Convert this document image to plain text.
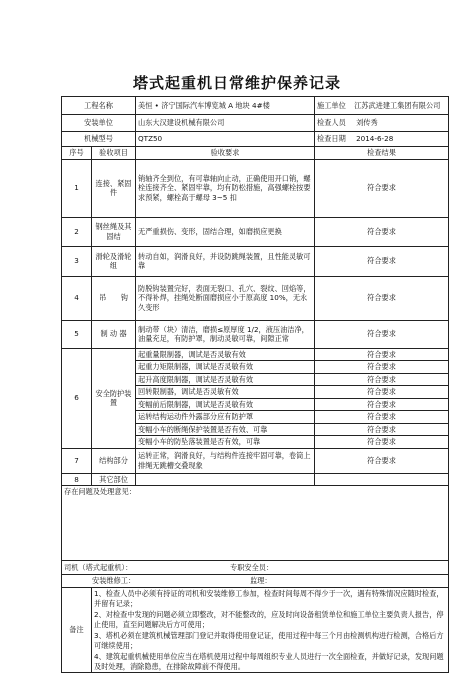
塔式起重机日常维护保养记录
工程名称		美恒 • 济宁国际汽车博览城 A 地块 4#楼	施工单位 江苏武进建工集团有限公司
安装单位		山东大汉建设机械有限公司	检查人员 刘传秀
机械型号		QTZ50	检查日期 2014-6-28
序号	验收项目	验收要求	检查结果
1	连接、紧固件	销轴齐全到位，有可靠轴向止动，正确使用开口销，螺栓连接齐全、紧固牢靠，均有防松措施，高强螺栓按要求预紧，螺栓高于螺母 3~5 扣	符合要求
2	钢丝绳及其固结	无严重损伤、变形，固结合理，如磨损应更换	符合要求
3	滑轮及滑轮组	转动自如，润滑良好，并设防跳绳装置，且性能灵敏可靠	符合要求
4	吊　　钩	防脱钩装置完好，表面无裂口、孔穴、裂纹、回焰等，不得补焊，挂绳处断面磨损应小于原高度 10%，无永久变形	符合要求
5	制 动 器	制动带（块）清洁，磨损≤原厚度 1/2，液压油洁净，油量充足，有防护罩，制动灵敏可靠，间隙正常	符合要求
6	安全防护装置	起重量限制器，调试是否灵敏有效	符合要求
		起重力矩限制器，调试是否灵敏有效	符合要求
		起升高度限制器，调试是否灵敏有效	符合要求
		回转限制器，调试是否灵敏有效	符合要求
		变幅前后限制器，调试是否灵敏有效	符合要求
		运转结构运动件外露部分应有防护罩	符合要求
		变幅小车的断绳保护装置是否有效、可靠	符合要求
		变幅小车的防坠落装置是否有效，可靠	符合要求
7	结构部分	运转正常，润滑良好，与结构件连接牢固可靠，卷筒上排绳无跳槽交叠现象	符合要求
8	其它部位		

存在问题及处理意见：			

司机（塔式起重机）： 专职安全员：			

安装维修工： 监理：			

备注	1、检查人员中必须有持证的司机和安装维修工参加，检查时间每周不得少于一次，遇有特殊情况应随时检查，并留有记录；
2、对检查中发现的问题必须立即整改，对不能整改的，应及时向设备租赁单位和施工单位主要负责人报告，停止使用，直至问题解决后方可使用；
3、塔机必须在建筑机械管理部门登记并取得使用登记证，使用过程中每三个月由检测机构进行检测，合格后方可继续使用；
4、建筑起重机械使用单位应当在塔机使用过程中每周组织专业人员进行一次全面检查，并做好记录，发现问题及时处理，消除隐患，在排除故障前不得使用。		
